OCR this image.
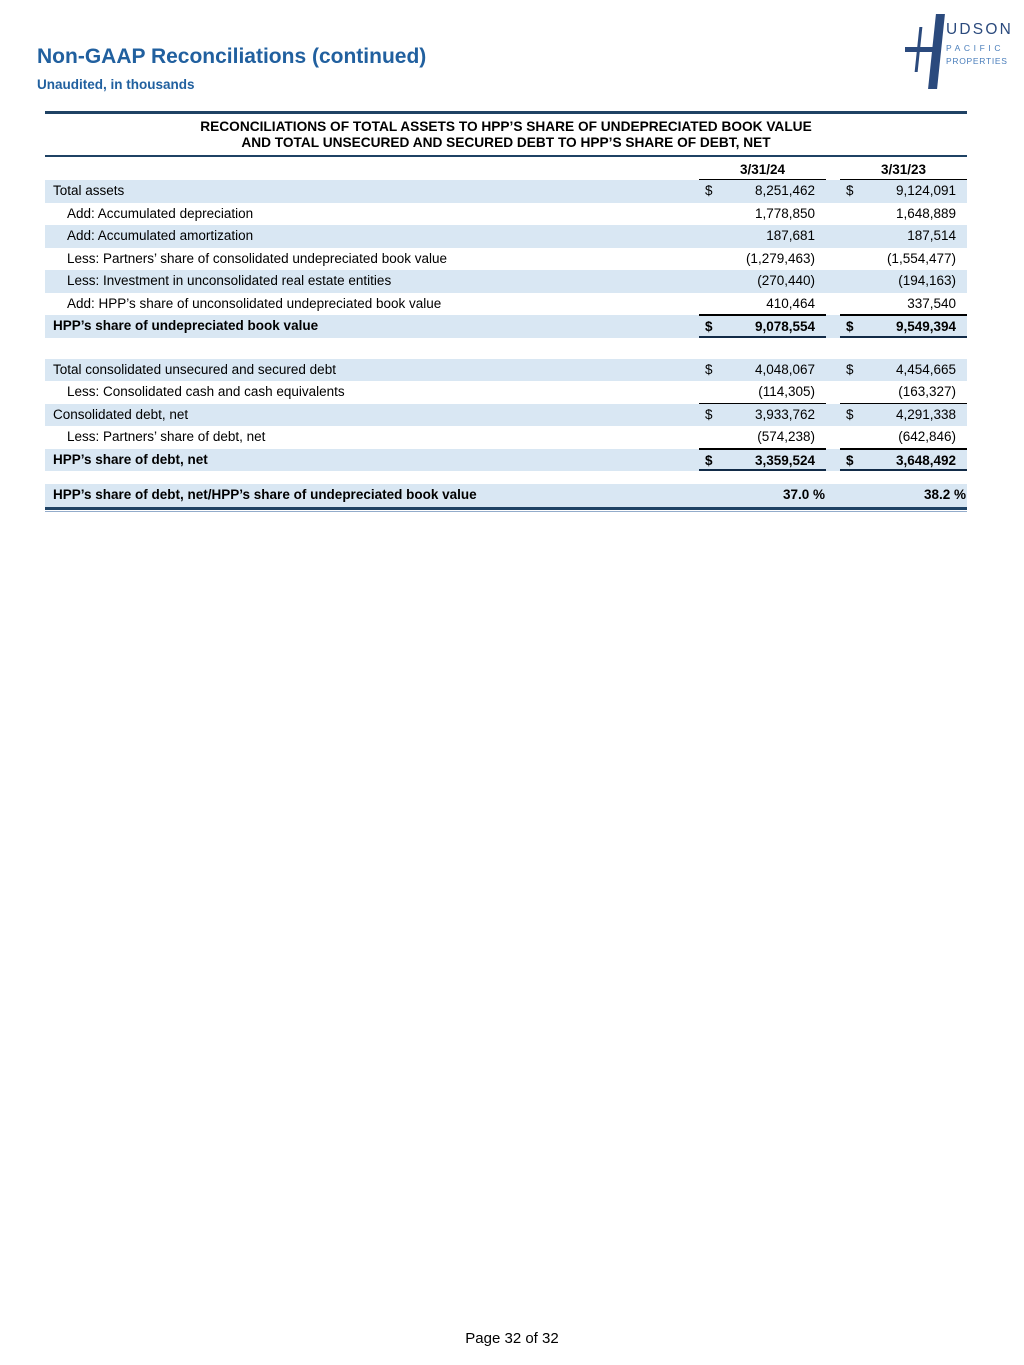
Non-GAAP Reconciliations (continued)
Unaudited, in thousands
UDSON
PACIFIC
PROPERTIES
RECONCILIATIONS OF TOTAL ASSETS TO HPP’S SHARE OF UNDEPRECIATED BOOK VALUE
AND TOTAL UNSECURED AND SECURED DEBT TO HPP’S SHARE OF DEBT, NET
3/31/24	3/31/23
Total assets	$	8,251,462	$	9,124,091
Add: Accumulated depreciation	1,778,850	1,648,889
Add: Accumulated amortization	187,681	187,514
Less: Partners’ share of consolidated undepreciated book value	(1,279,463)	(1,554,477)
Less: Investment in unconsolidated real estate entities	(270,440)	(194,163)
Add: HPP’s share of unconsolidated undepreciated book value	410,464	337,540
HPP’s share of undepreciated book value	$	9,078,554	$	9,549,394
Total consolidated unsecured and secured debt	$	4,048,067	$	4,454,665
Less: Consolidated cash and cash equivalents	(114,305)	(163,327)
Consolidated debt, net	$	3,933,762	$	4,291,338
Less: Partners’ share of debt, net	(574,238)	(642,846)
HPP’s share of debt, net	$	3,359,524	$	3,648,492
HPP’s share of debt, net/HPP’s share of undepreciated book value	37.0 %	38.2 %
Page 32 of 32
